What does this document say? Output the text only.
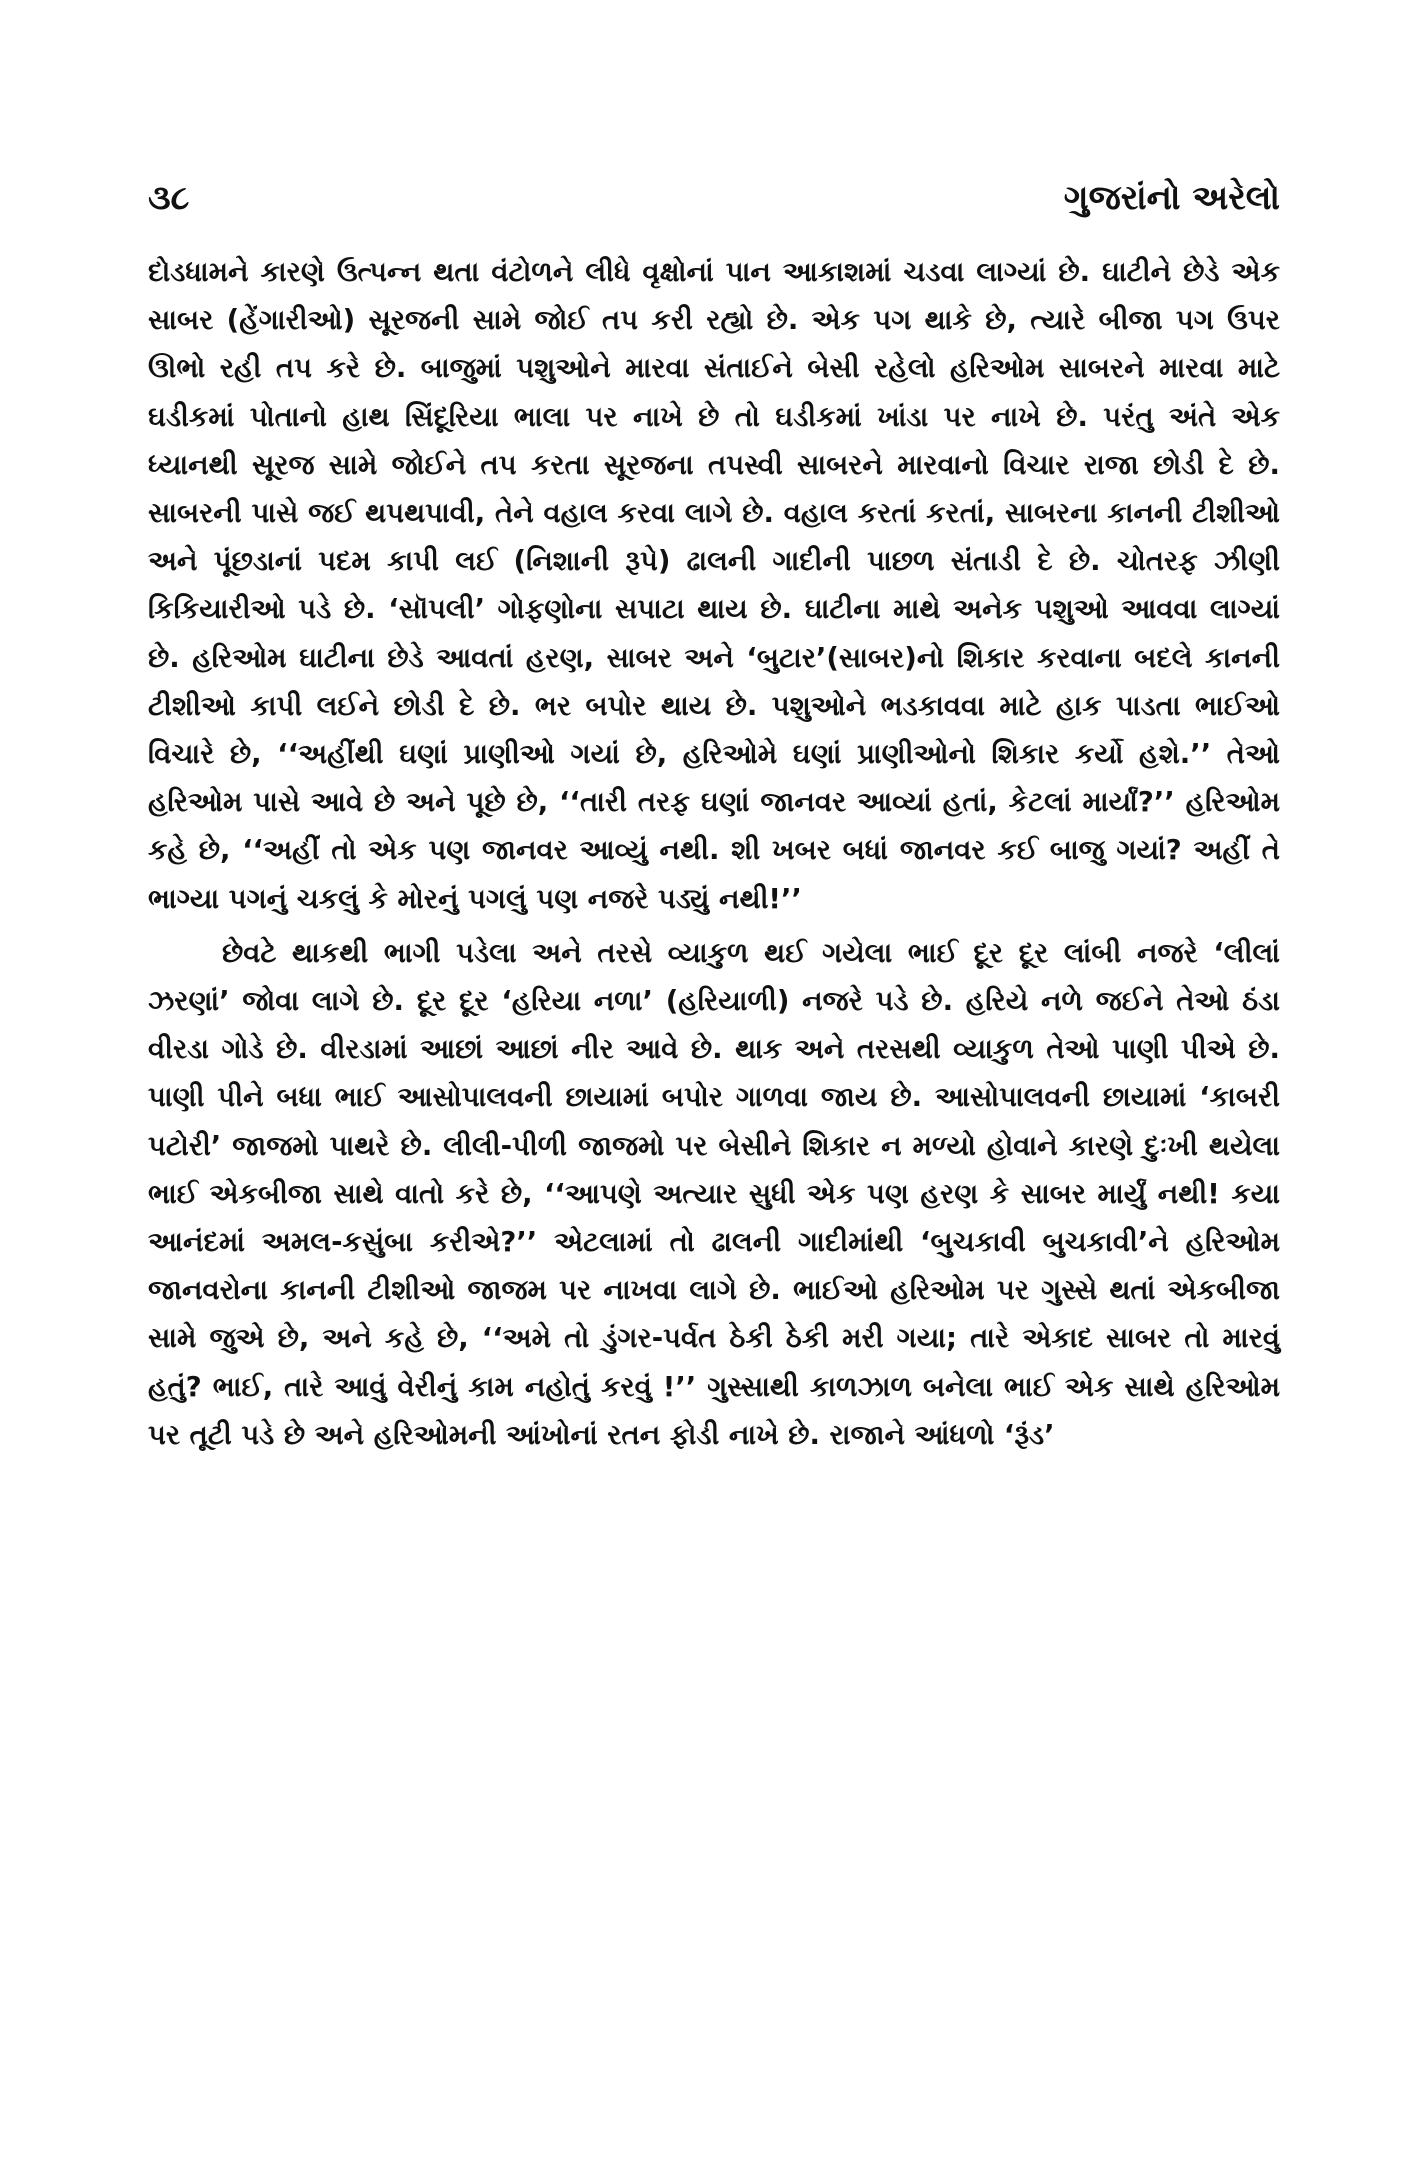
૩૮	ગુજરાંનો અરેલો

દોડધામને કારણે ઉત્પન્ન થતા વંટોળને લીધે વૃક્ષોનાં પાન આકાશમાં ચડવા લાગ્યાં છે. ઘાટીને છેડે એક સાબર (હેંગારીઓ) સૂરજની સામે જોઈ તપ કરી રહ્યો છે. એક પગ થાકે છે, ત્યારે બીજા પગ ઉપર ઊભો રહી તપ કરે છે. બાજુમાં પશુઓને મારવા સંતાઈને બેસી રહેલો હરિઓમ સાબરને મારવા માટે ઘડીકમાં પોતાનો હાથ સિંદૂરિયા ભાલા પર નાખે છે તો ઘડીકમાં ખાંડા પર નાખે છે. પરંતુ અંતે એક ધ્યાનથી સૂરજ સામે જોઈને તપ કરતા સૂરજના તપસ્વી સાબરને મારવાનો વિચાર રાજા છોડી દે છે. સાબરની પાસે જઈ થપથપાવી, તેને વહાલ કરવા લાગે છે. વહાલ કરતાં કરતાં, સાબરના કાનની ટીશીઓ અને પૂંછડાનાં પદમ કાપી લઈ (નિશાની રૂપે) ઢાલની ગાદીની પાછળ સંતાડી દે છે. ચોતરફ ઝીણી કિકિયારીઓ પડે છે. ‘સૉપલી’ ગોફણોના સપાટા થાય છે. ઘાટીના માથે અનેક પશુઓ આવવા લાગ્યાં છે. હરિઓમ ઘાટીના છેડે આવતાં હરણ, સાબર અને ‘બુટાર’(સાબર)નો શિકાર કરવાના બદલે કાનની ટીશીઓ કાપી લઈને છોડી દે છે. ભર બપોર થાય છે. પશુઓને ભડકાવવા માટે હાક પાડતા ભાઈઓ વિચારે છે, ‘‘અહીંથી ઘણાં પ્રાણીઓ ગયાં છે, હરિઓમે ઘણાં પ્રાણીઓનો શિકાર કર્યો હશે.’’ તેઓ હરિઓમ પાસે આવે છે અને પૂછે છે, ‘‘તારી તરફ ઘણાં જાનવર આવ્યાં હતાં, કેટલાં માર્યાં?’’ હરિઓમ કહે છે, ‘‘અહીં તો એક પણ જાનવર આવ્યું નથી. શી ખબર બધાં જાનવર કઈ બાજુ ગયાં? અહીં તે ભાગ્યા પગનું ચકલું કે મોરનું પગલું પણ નજરે પડ્યું નથી!’’

છેવટે થાકથી ભાગી પડેલા અને તરસે વ્યાકુળ થઈ ગયેલા ભાઈ દૂર દૂર લાંબી નજરે ‘લીલાં ઝરણાં’ જોવા લાગે છે. દૂર દૂર ‘હરિયા નળા’ (હરિયાળી) નજરે પડે છે. હરિયે નળે જઈને તેઓ ઠંડા વીરડા ગોડે છે. વીરડામાં આછાં આછાં નીર આવે છે. થાક અને તરસથી વ્યાકુળ તેઓ પાણી પીએ છે. પાણી પીને બધા ભાઈ આસોપાલવની છાયામાં બપોર ગાળવા જાય છે. આસોપાલવની છાયામાં ‘કાબરી પટોરી’ જાજમો પાથરે છે. લીલી-પીળી જાજમો પર બેસીને શિકાર ન મળ્યો હોવાને કારણે દુઃખી થયેલા ભાઈ એકબીજા સાથે વાતો કરે છે, ‘‘આપણે અત્યાર સુધી એક પણ હરણ કે સાબર માર્યું નથી! કયા આનંદમાં અમલ-કસુંબા કરીએ?’’ એટલામાં તો ઢાલની ગાદીમાંથી ‘બુચકાવી બુચકાવી’ને હરિઓમ જાનવરોના કાનની ટીશીઓ જાજમ પર નાખવા લાગે છે. ભાઈઓ હરિઓમ પર ગુસ્સે થતાં એકબીજા સામે જુએ છે, અને કહે છે, ‘‘અમે તો ડુંગર-પર્વત ઠેકી ઠેકી મરી ગયા; તારે એકાદ સાબર તો મારવું હતું? ભાઈ, તારે આવું વેરીનું કામ નહોતું કરવું !’’ ગુસ્સાથી કાળઝાળ બનેલા ભાઈ એક સાથે હરિઓમ પર તૂટી પડે છે અને હરિઓમની આંખોનાં રતન ફોડી નાખે છે. રાજાને આંધળો ‘રૂંડ’
